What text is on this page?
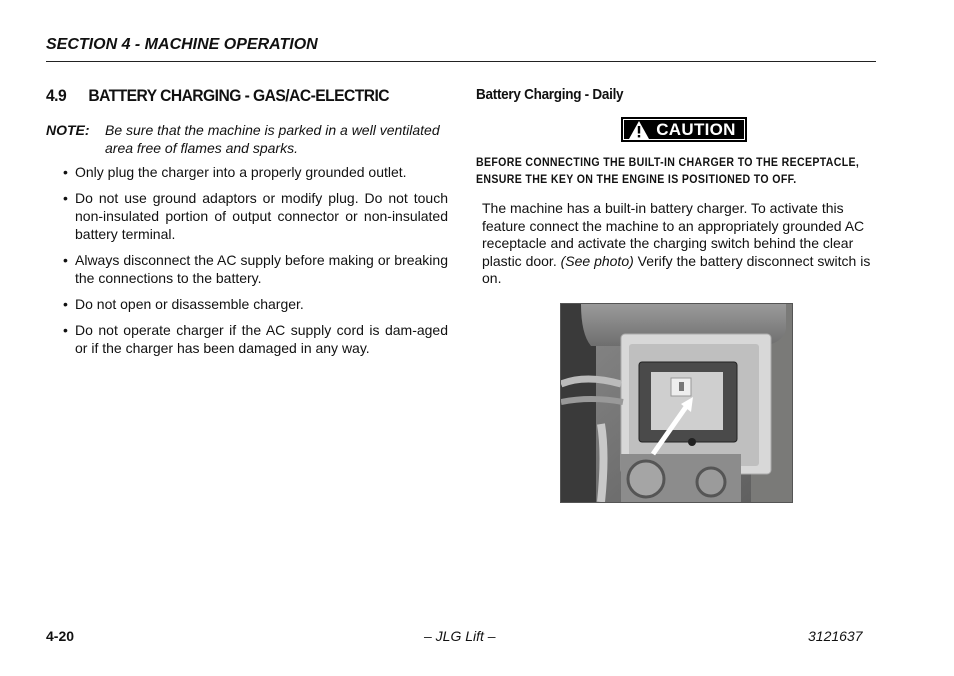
SECTION 4 - MACHINE OPERATION
4.9	BATTERY CHARGING - GAS/AC-ELECTRIC
NOTE:	Be sure that the machine is parked in a well ventilated area free of flames and sparks.
• Only plug the charger into a properly grounded outlet.
• Do not use ground adaptors or modify plug. Do not touch non-insulated portion of output connector or non-insulated battery terminal.
• Always disconnect the AC supply before making or breaking the connections to the battery.
• Do not open or disassemble charger.
• Do not operate charger if the AC supply cord is dam-aged or if the charger has been damaged in any way.
Battery Charging - Daily
CAUTION
BEFORE CONNECTING THE BUILT-IN CHARGER TO THE RECEPTACLE, ENSURE THE KEY ON THE ENGINE IS POSITIONED TO OFF.

The machine has a built-in battery charger. To activate this feature connect the machine to an appropriately grounded AC receptacle and activate the charging switch behind the clear plastic door. (See photo) Verify the battery disconnect switch is on.

4-20	– JLG Lift –	3121637
